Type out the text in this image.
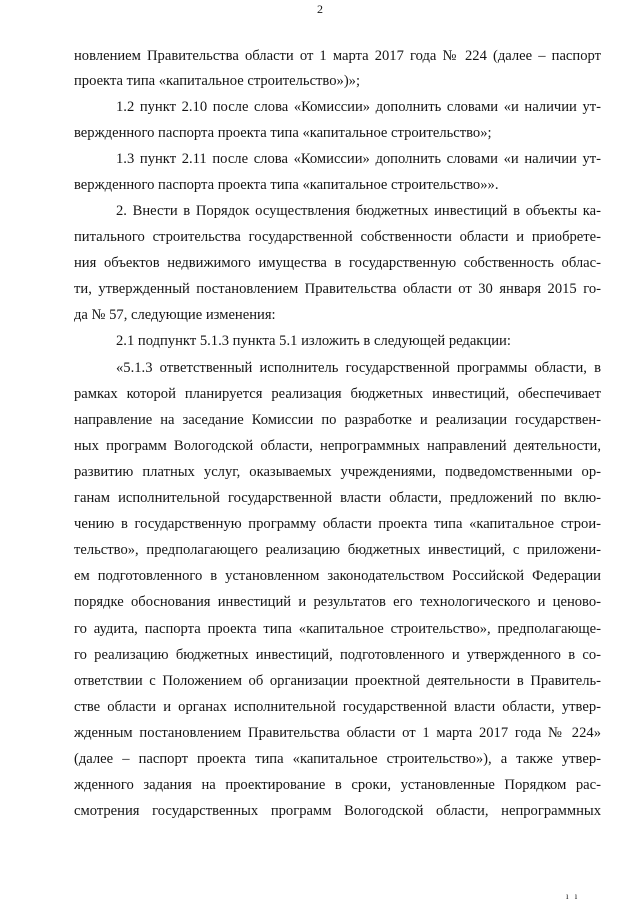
2

новлением Правительства области от 1 марта 2017 года № 224 (далее – паспорт

проекта типа «капитальное строительство»)»;

1.2 пункт 2.10 после слова «Комиссии» дополнить словами «и наличии ут-

вержденного паспорта проекта типа «капитальное строительство»;

1.3 пункт 2.11 после слова «Комиссии» дополнить словами «и наличии ут-

вержденного паспорта проекта типа «капитальное строительство»».

2. Внести в Порядок осуществления бюджетных инвестиций в объекты ка-

питального строительства государственной собственности области и приобрете-

ния объектов недвижимого имущества в государственную собственность облас-

ти, утвержденный постановлением Правительства области от 30 января 2015 го-

да № 57, следующие изменения:

2.1 подпункт 5.1.3 пункта 5.1 изложить в следующей редакции:

«5.1.3 ответственный исполнитель государственной программы области, в

рамках которой планируется реализация бюджетных инвестиций, обеспечивает

направление на заседание Комиссии по разработке и реализации государствен-

ных программ Вологодской области, непрограммных направлений деятельности,

развитию платных услуг, оказываемых учреждениями, подведомственными ор-

ганам исполнительной государственной власти области, предложений по вклю-

чению в государственную программу области проекта типа «капитальное строи-

тельство», предполагающего реализацию бюджетных инвестиций, с приложени-

ем подготовленного в установленном законодательством Российской Федерации

порядке обоснования инвестиций и результатов его технологического и ценово-

го аудита, паспорта проекта типа «капитальное строительство», предполагающе-

го реализацию бюджетных инвестиций, подготовленного и утвержденного в со-

ответствии с Положением об организации проектной деятельности в Правитель-

стве области и органах исполнительной государственной власти области, утвер-

жденным постановлением Правительства области от 1 марта 2017 года № 224»

(далее – паспорт проекта типа «капитальное строительство»), а также утвер-

жденного задания на проектирование в сроки, установленные Порядком рас-

смотрения государственных программ Вологодской области, непрограммных

ı ı
